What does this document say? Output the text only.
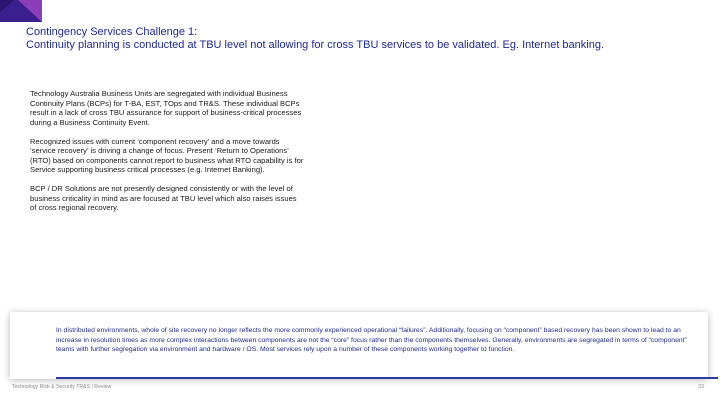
Contingency Services Challenge 1:
Continuity planning is conducted at TBU level not allowing for cross TBU services to be validated. Eg. Internet banking.

Technology Australia Business Units are segregated with individual Business Continuity Plans (BCPs) for T-BA, EST, TOps and TR&S. These individual BCPs result in a lack of cross TBU assurance for support of business-critical processes during a Business Continuity Event.

Recognized issues with current ‘component recovery’ and a move towards ‘service recovery’ is driving a change of focus. Present ‘Return to Operations’ (RTO) based on components cannot report to business what RTO capability is for Service supporting business critical processes (e.g. Internet Banking).

BCP / DR Solutions are not presently designed consistently or with the level of business criticality in mind as are focused at TBU level which also raises issues of cross regional recovery.

In distributed environments, whole of site recovery no longer reflects the more commonly experienced operational “failures”. Additionally, focusing on “component” based recovery has been shown to lead to an increase in resolution times as more complex interactions between components are not the “core” focus rather than the components themselves. Generally, environments are segregated in terms of “component” teams with further segregation via environment and hardware / OS. Most services rely upon a number of these components working together to function.
Technology Risk & Security TR&S | Review	33
